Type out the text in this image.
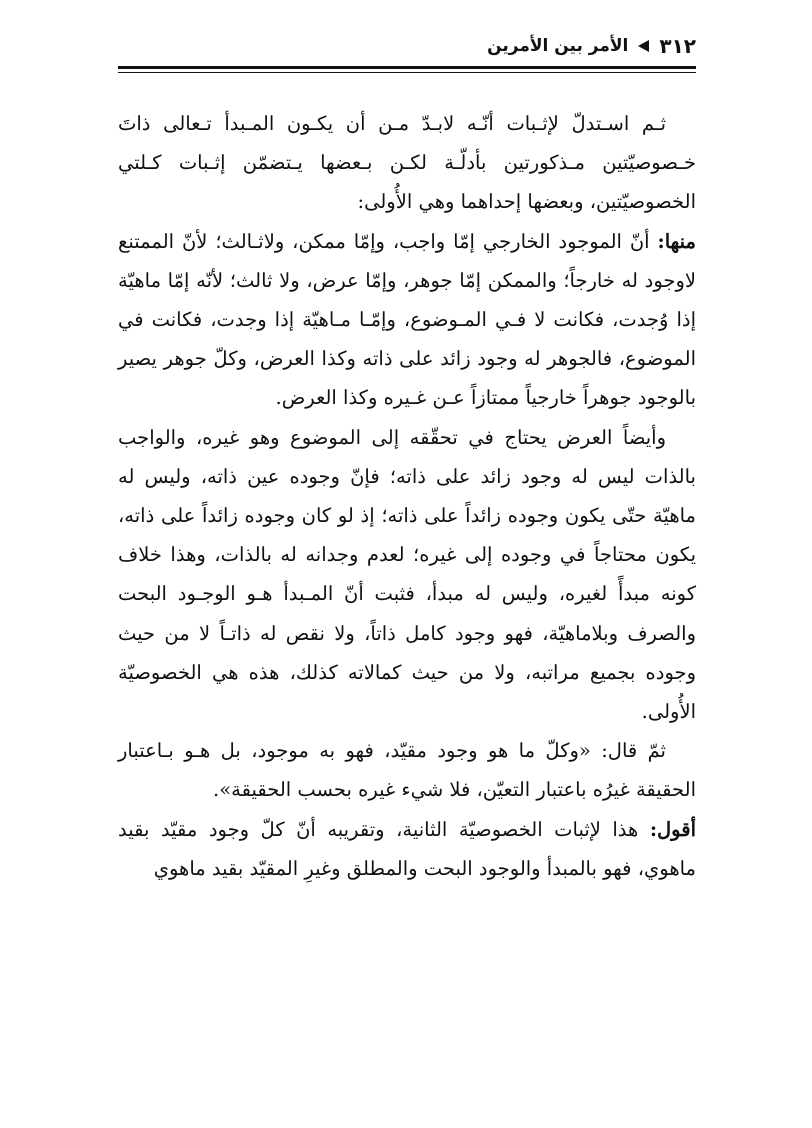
٣١٢
الأمر بين الأمرين

ثـم اسـتدلّ لإثـبات أنّـه لابـدّ مـن أن يكـون المـبدأ تـعالى ذاتَ خـصوصيّتين مـذكورتين بأدلّـة لكـن بـعضها يـتضمّن إثـبات كـلتي الخصوصيّتين، وبعضها إحداهما وهي الأُولى:

منها: أنّ الموجود الخارجي إمّا واجب، وإمّا ممكن، ولاثـالث؛ لأنّ الممتنع لاوجود له خارجاً؛ والممكن إمّا جوهر، وإمّا عرض، ولا ثالث؛ لأنّه إمّا ماهيّة إذا وُجدت، فكانت لا فـي المـوضوع، وإمّـا مـاهيّة إذا وجدت، فكانت في الموضوع، فالجوهر له وجود زائد على ذاته وكذا العرض، وكلّ جوهر يصير بالوجود جوهراً خارجياً ممتازاً عـن غـيره وكذا العرض.

وأيضاً العرض يحتاج في تحقّقه إلى الموضوع وهو غيره، والواجب بالذات ليس له وجود زائد على ذاته؛ فإنّ وجوده عين ذاته، وليس له ماهيّة حتّى يكون وجوده زائداً على ذاته؛ إذ لو كان وجوده زائداً على ذاته، يكون محتاجاً في وجوده إلى غيره؛ لعدم وجدانه له بالذات، وهذا خلاف كونه مبدأً لغيره، وليس له مبدأ، فثبت أنّ المـبدأ هـو الوجـود البحت والصرف وبلاماهيّة، فهو وجود كامل ذاتاً، ولا نقص له ذاتـاً لا من حيث وجوده بجميع مراتبه، ولا من حيث كمالاته كذلك، هذه هي الخصوصيّة الأُولى.

ثمّ قال: «وكلّ ما هو وجود مقيّد، فهو به موجود، بل هـو بـاعتبار الحقيقة غيرُه باعتبار التعيّن، فلا شيء غيره بحسب الحقيقة».

أقول: هذا لإثبات الخصوصيّة الثانية، وتقريبه أنّ كلّ وجود مقيّد بقيد ماهوي، فهو بالمبدأ والوجود البحت والمطلق وغيرِ المقيّد بقيد ماهوي
